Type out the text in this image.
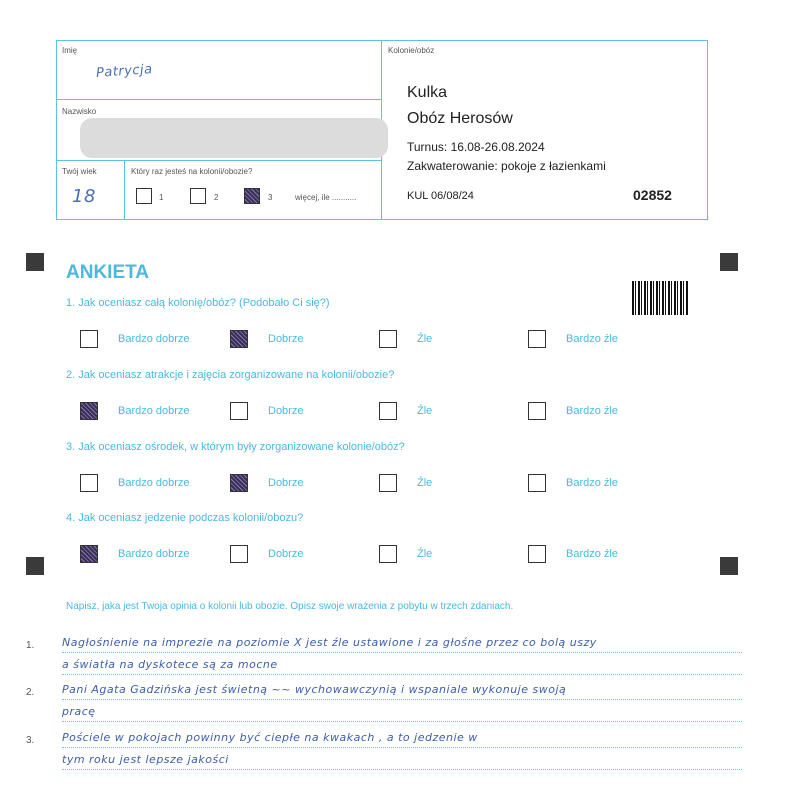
Imię
Patrycja
Nazwisko
Twój wiek
18
Który raz jesteś na kolonii/obozie?
1	2	3	więcej, ile ...........
Kolonie/obóz
Kulka
Obóz Herosów
Turnus: 16.08-26.08.2024
Zakwaterowanie: pokoje z łazienkami
KUL 06/08/24	02852
ANKIETA
1. Jak oceniasz całą kolonię/obóz? (Podobało Ci się?)
Bardzo dobrze	Dobrze	Źle	Bardzo źle
2. Jak oceniasz atrakcje i zajęcia zorganizowane na kolonii/obozie?
Bardzo dobrze	Dobrze	Źle	Bardzo źle
3. Jak oceniasz ośrodek, w którym były zorganizowane kolonie/obóz?
Bardzo dobrze	Dobrze	Źle	Bardzo źle
4. Jak oceniasz jedzenie podczas kolonii/obozu?
Bardzo dobrze	Dobrze	Źle	Bardzo źle
Napisz, jaka jest Twoja opinia o kolonii lub obozie. Opisz swoje wrażenia z pobytu w trzech zdaniach.
1.	Nagłośnienie na imprezie na poziomie X jest źle ustawione i za głośne przez co bolą uszy
a światła na dyskotece są za mocne
2.	Pani Agata Gadzińska jest świetną ~~ wychowawczynią i wspaniale wykonuje swoją
pracę
3.	Pościele w pokojach powinny być ciepłe na kwakach , a to jedzenie w
tym roku jest lepsze jakości
